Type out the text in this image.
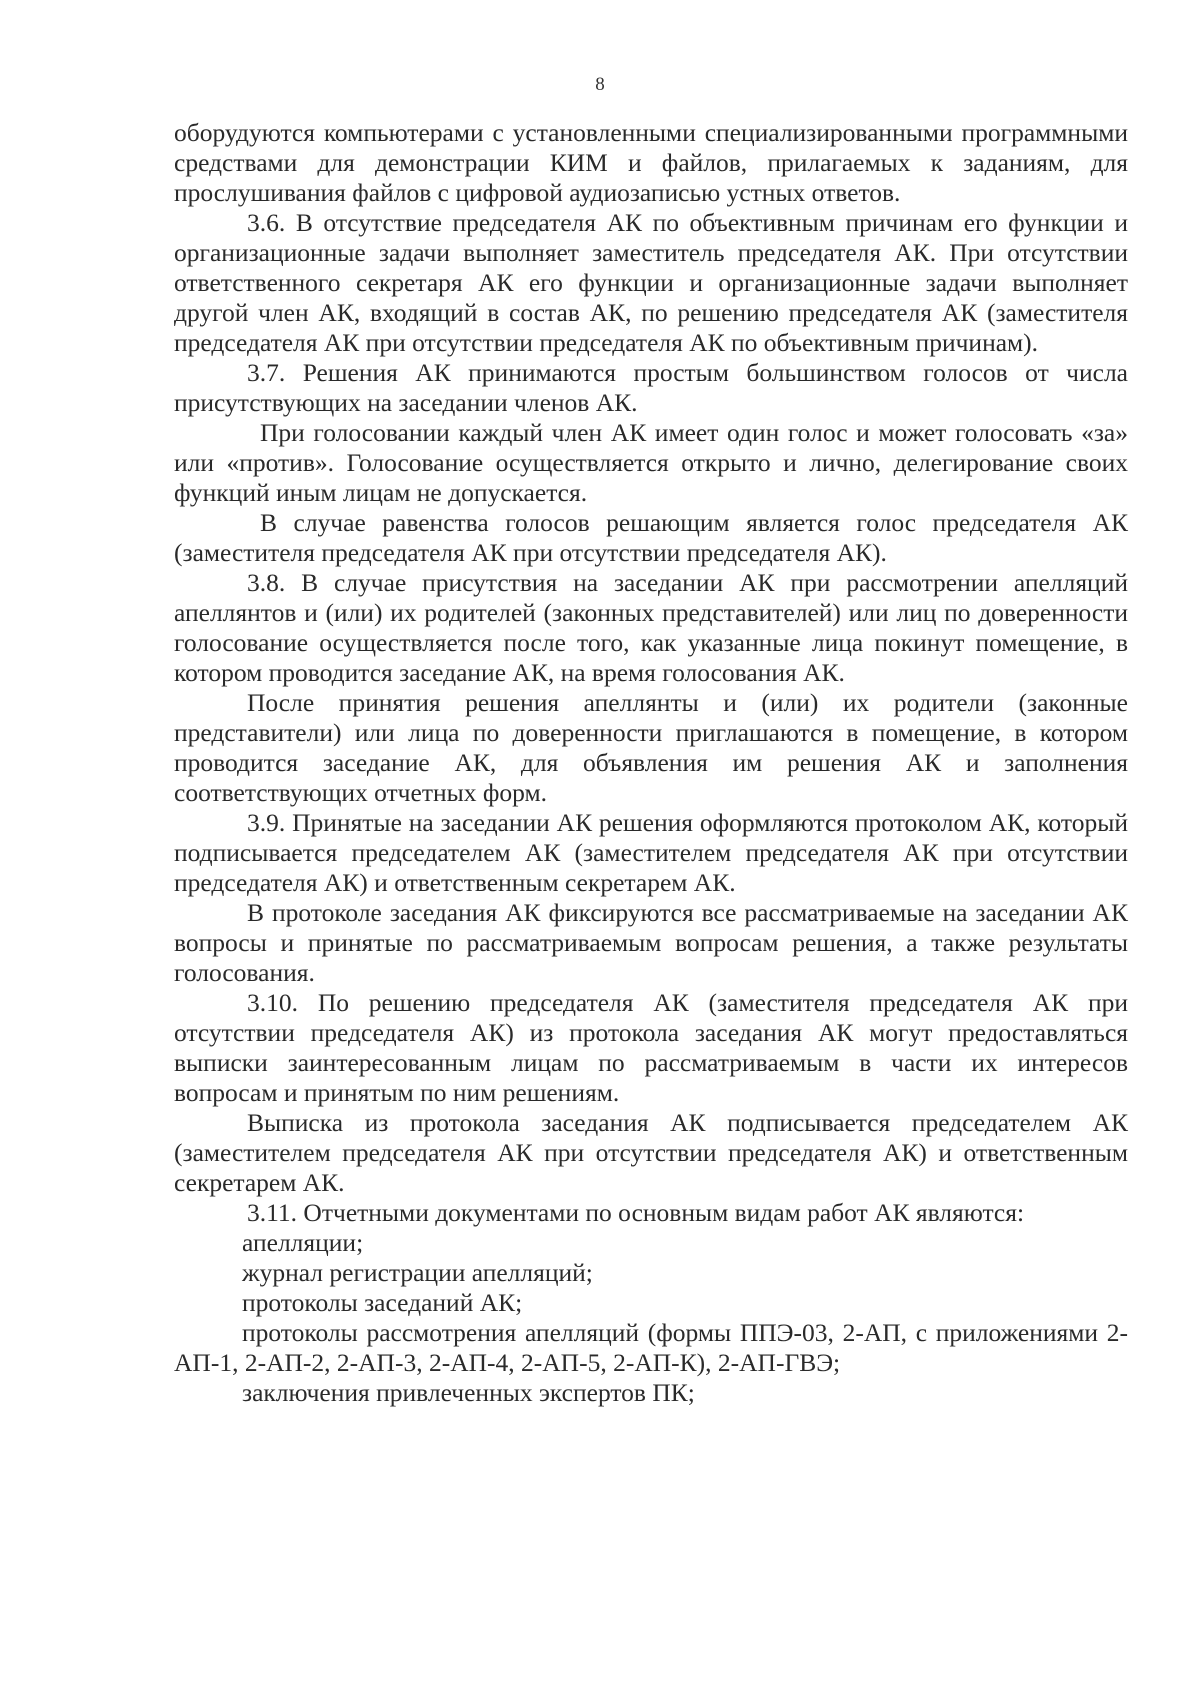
8

оборудуются компьютерами с установленными специализированными программными средствами для демонстрации КИМ и файлов, прилагаемых к заданиям, для прослушивания файлов с цифровой аудиозаписью устных ответов.

3.6. В отсутствие председателя АК по объективным причинам его функции и организационные задачи выполняет заместитель председателя АК. При отсутствии ответственного секретаря АК его функции и организационные задачи выполняет другой член АК, входящий в состав АК, по решению председателя АК (заместителя председателя АК при отсутствии председателя АК по объективным причинам).

3.7. Решения АК принимаются простым большинством голосов от числа присутствующих на заседании членов АК.

При голосовании каждый член АК имеет один голос и может голосовать «за» или «против». Голосование осуществляется открыто и лично, делегирование своих функций иным лицам не допускается.

В случае равенства голосов решающим является голос председателя АК (заместителя председателя АК при отсутствии председателя АК).

3.8. В случае присутствия на заседании АК при рассмотрении апелляций апеллянтов и (или) их родителей (законных представителей) или лиц по доверенности голосование осуществляется после того, как указанные лица покинут помещение, в котором проводится заседание АК, на время голосования АК.

После принятия решения апеллянты и (или) их родители (законные представители) или лица по доверенности приглашаются в помещение, в котором проводится заседание АК, для объявления им решения АК и заполнения соответствующих отчетных форм.

3.9. Принятые на заседании АК решения оформляются протоколом АК, который подписывается председателем АК (заместителем председателя АК при отсутствии председателя АК) и ответственным секретарем АК.

В протоколе заседания АК фиксируются все рассматриваемые на заседании АК вопросы и принятые по рассматриваемым вопросам решения, а также результаты голосования.

3.10. По решению председателя АК (заместителя председателя АК при отсутствии председателя АК) из протокола заседания АК могут предоставляться выписки заинтересованным лицам по рассматриваемым в части их интересов вопросам и принятым по ним решениям.

Выписка из протокола заседания АК подписывается председателем АК (заместителем председателя АК при отсутствии председателя АК) и ответственным секретарем АК.

3.11. Отчетными документами по основным видам работ АК являются:

апелляции;

журнал регистрации апелляций;

протоколы заседаний АК;

протоколы рассмотрения апелляций (формы ППЭ-03, 2-АП, с приложениями 2-АП-1, 2-АП-2, 2-АП-3, 2-АП-4, 2-АП-5, 2-АП-К), 2-АП-ГВЭ;

заключения привлеченных экспертов ПК;
